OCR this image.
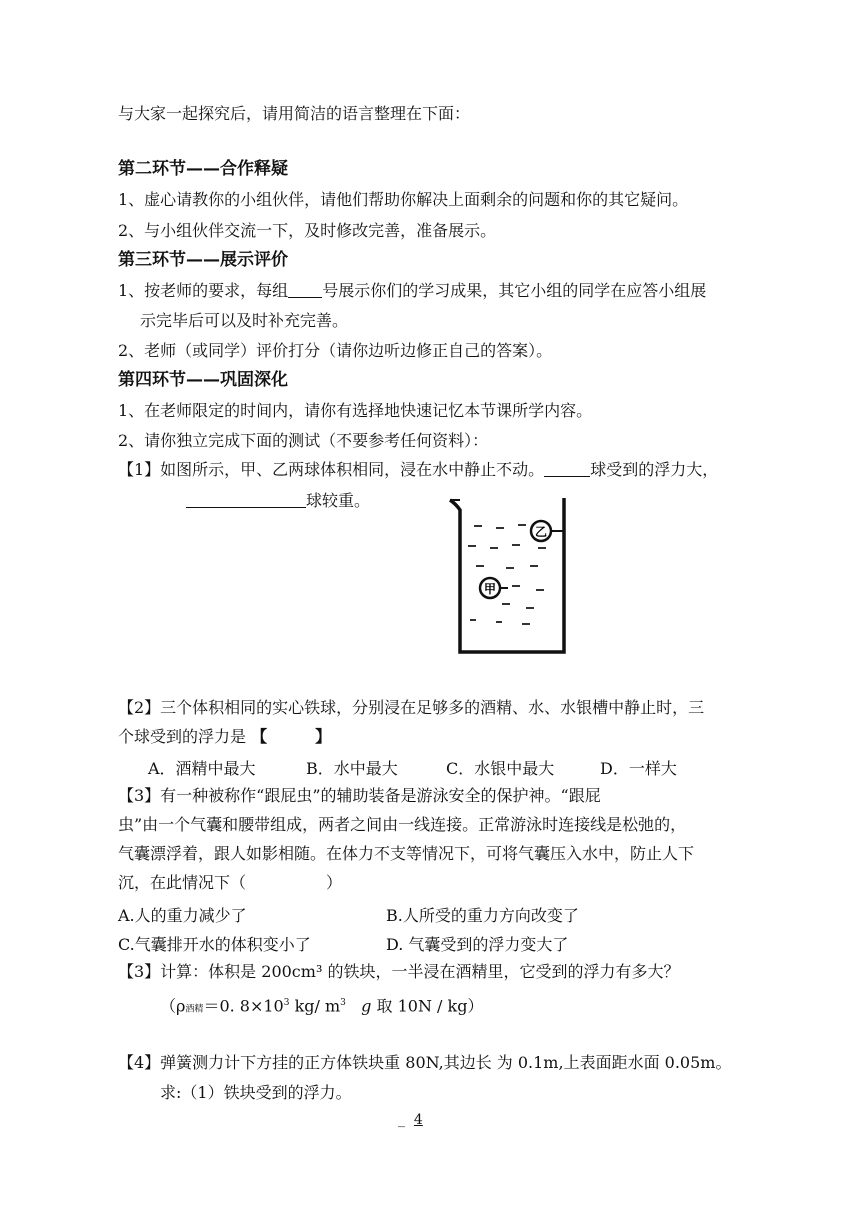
与大家一起探究后，请用简洁的语言整理在下面：
第二环节——合作释疑
1、虚心请教你的小组伙伴，请他们帮助你解决上面剩余的问题和你的其它疑问。
2、与小组伙伴交流一下，及时修改完善，准备展示。
第三环节——展示评价
1、按老师的要求，每组 号展示你们的学习成果，其它小组的同学在应答小组展
示完毕后可以及时补充完善。
2、老师（或同学）评价打分（请你边听边修正自己的答案）。
第四环节——巩固深化
1、在老师限定的时间内，请你有选择地快速记忆本节课所学内容。
2、请你独立完成下面的测试（不要参考任何资料）：
【1】如图所示，甲、乙两球体积相同，浸在水中静止不动。	球受到的浮力大，
球较重。
乙
甲
【2】三个体积相同的实心铁球，分别浸在足够多的酒精、水、水银槽中静止时，三
个球受到的浮力是 【　　　】
A．酒精中最大	B．水中最大	C．水银中最大	D．一样大
【3】有一种被称作“跟屁虫”的辅助装备是游泳安全的保护神。“跟屁
虫”由一个气囊和腰带组成，两者之间由一线连接。正常游泳时连接线是松弛的，
气囊漂浮着，跟人如影相随。在体力不支等情况下，可将气囊压入水中，防止人下
沉，在此情况下（　　　　　）
A.人的重力减少了	B.人所受的重力方向改变了
C.气囊排开水的体积变小了	D. 气囊受到的浮力变大了
【3】计算：体积是 200cm³ 的铁块，一半浸在酒精里，它受到的浮力有多大？
（ρ酒精＝0. $8\times 10^3$ kg/ $m^3$ g 取 10N / kg）
【4】弹簧测力计下方挂的正方体铁块重 80N,其边长 为 0.1m,上表面距水面 0.05m。
求:（1）铁块受到的浮力。
_  4
